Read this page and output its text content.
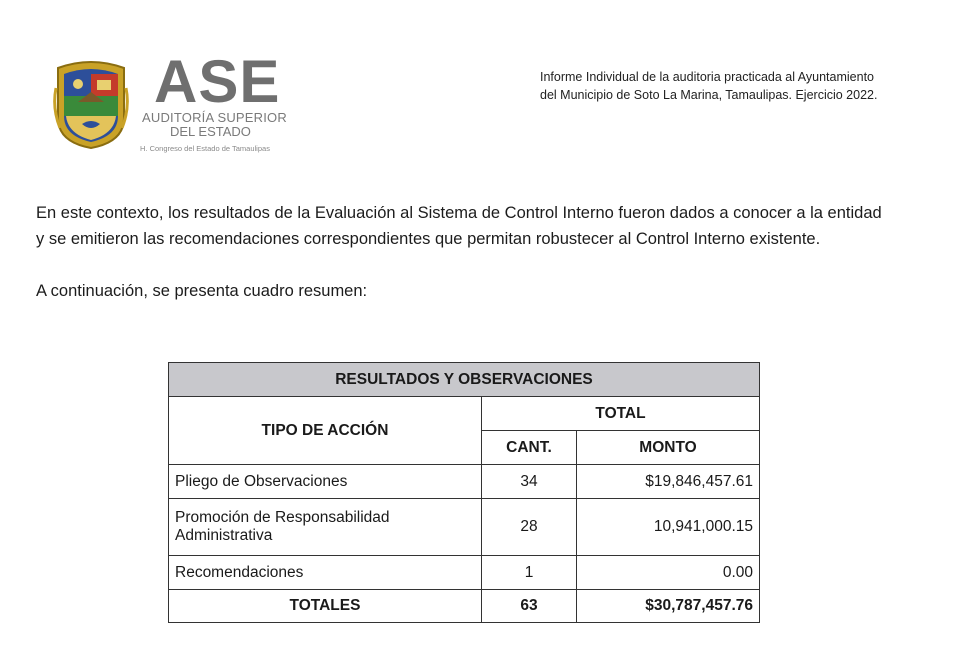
ASE
AUDITORÍA SUPERIOR
DEL ESTADO
H. Congreso del Estado de Tamaulipas
Informe Individual de la auditoria practicada al Ayuntamiento
del Municipio de Soto La Marina, Tamaulipas. Ejercicio 2022.
En este contexto, los resultados de la Evaluación al Sistema de Control Interno fueron dados a conocer a la entidad
y se emitieron las recomendaciones correspondientes que permitan robustecer al Control Interno existente.
A continuación, se presenta cuadro resumen:
RESULTADOS Y OBSERVACIONES		
TIPO DE ACCIÓN	TOTAL	
	CANT.	MONTO
Pliego de Observaciones	34	$19,846,457.61

Promoción de Responsabilidad
Administrativa	28	10,941,000.15
Recomendaciones	1	0.00
TOTALES	63	$30,787,457.76
